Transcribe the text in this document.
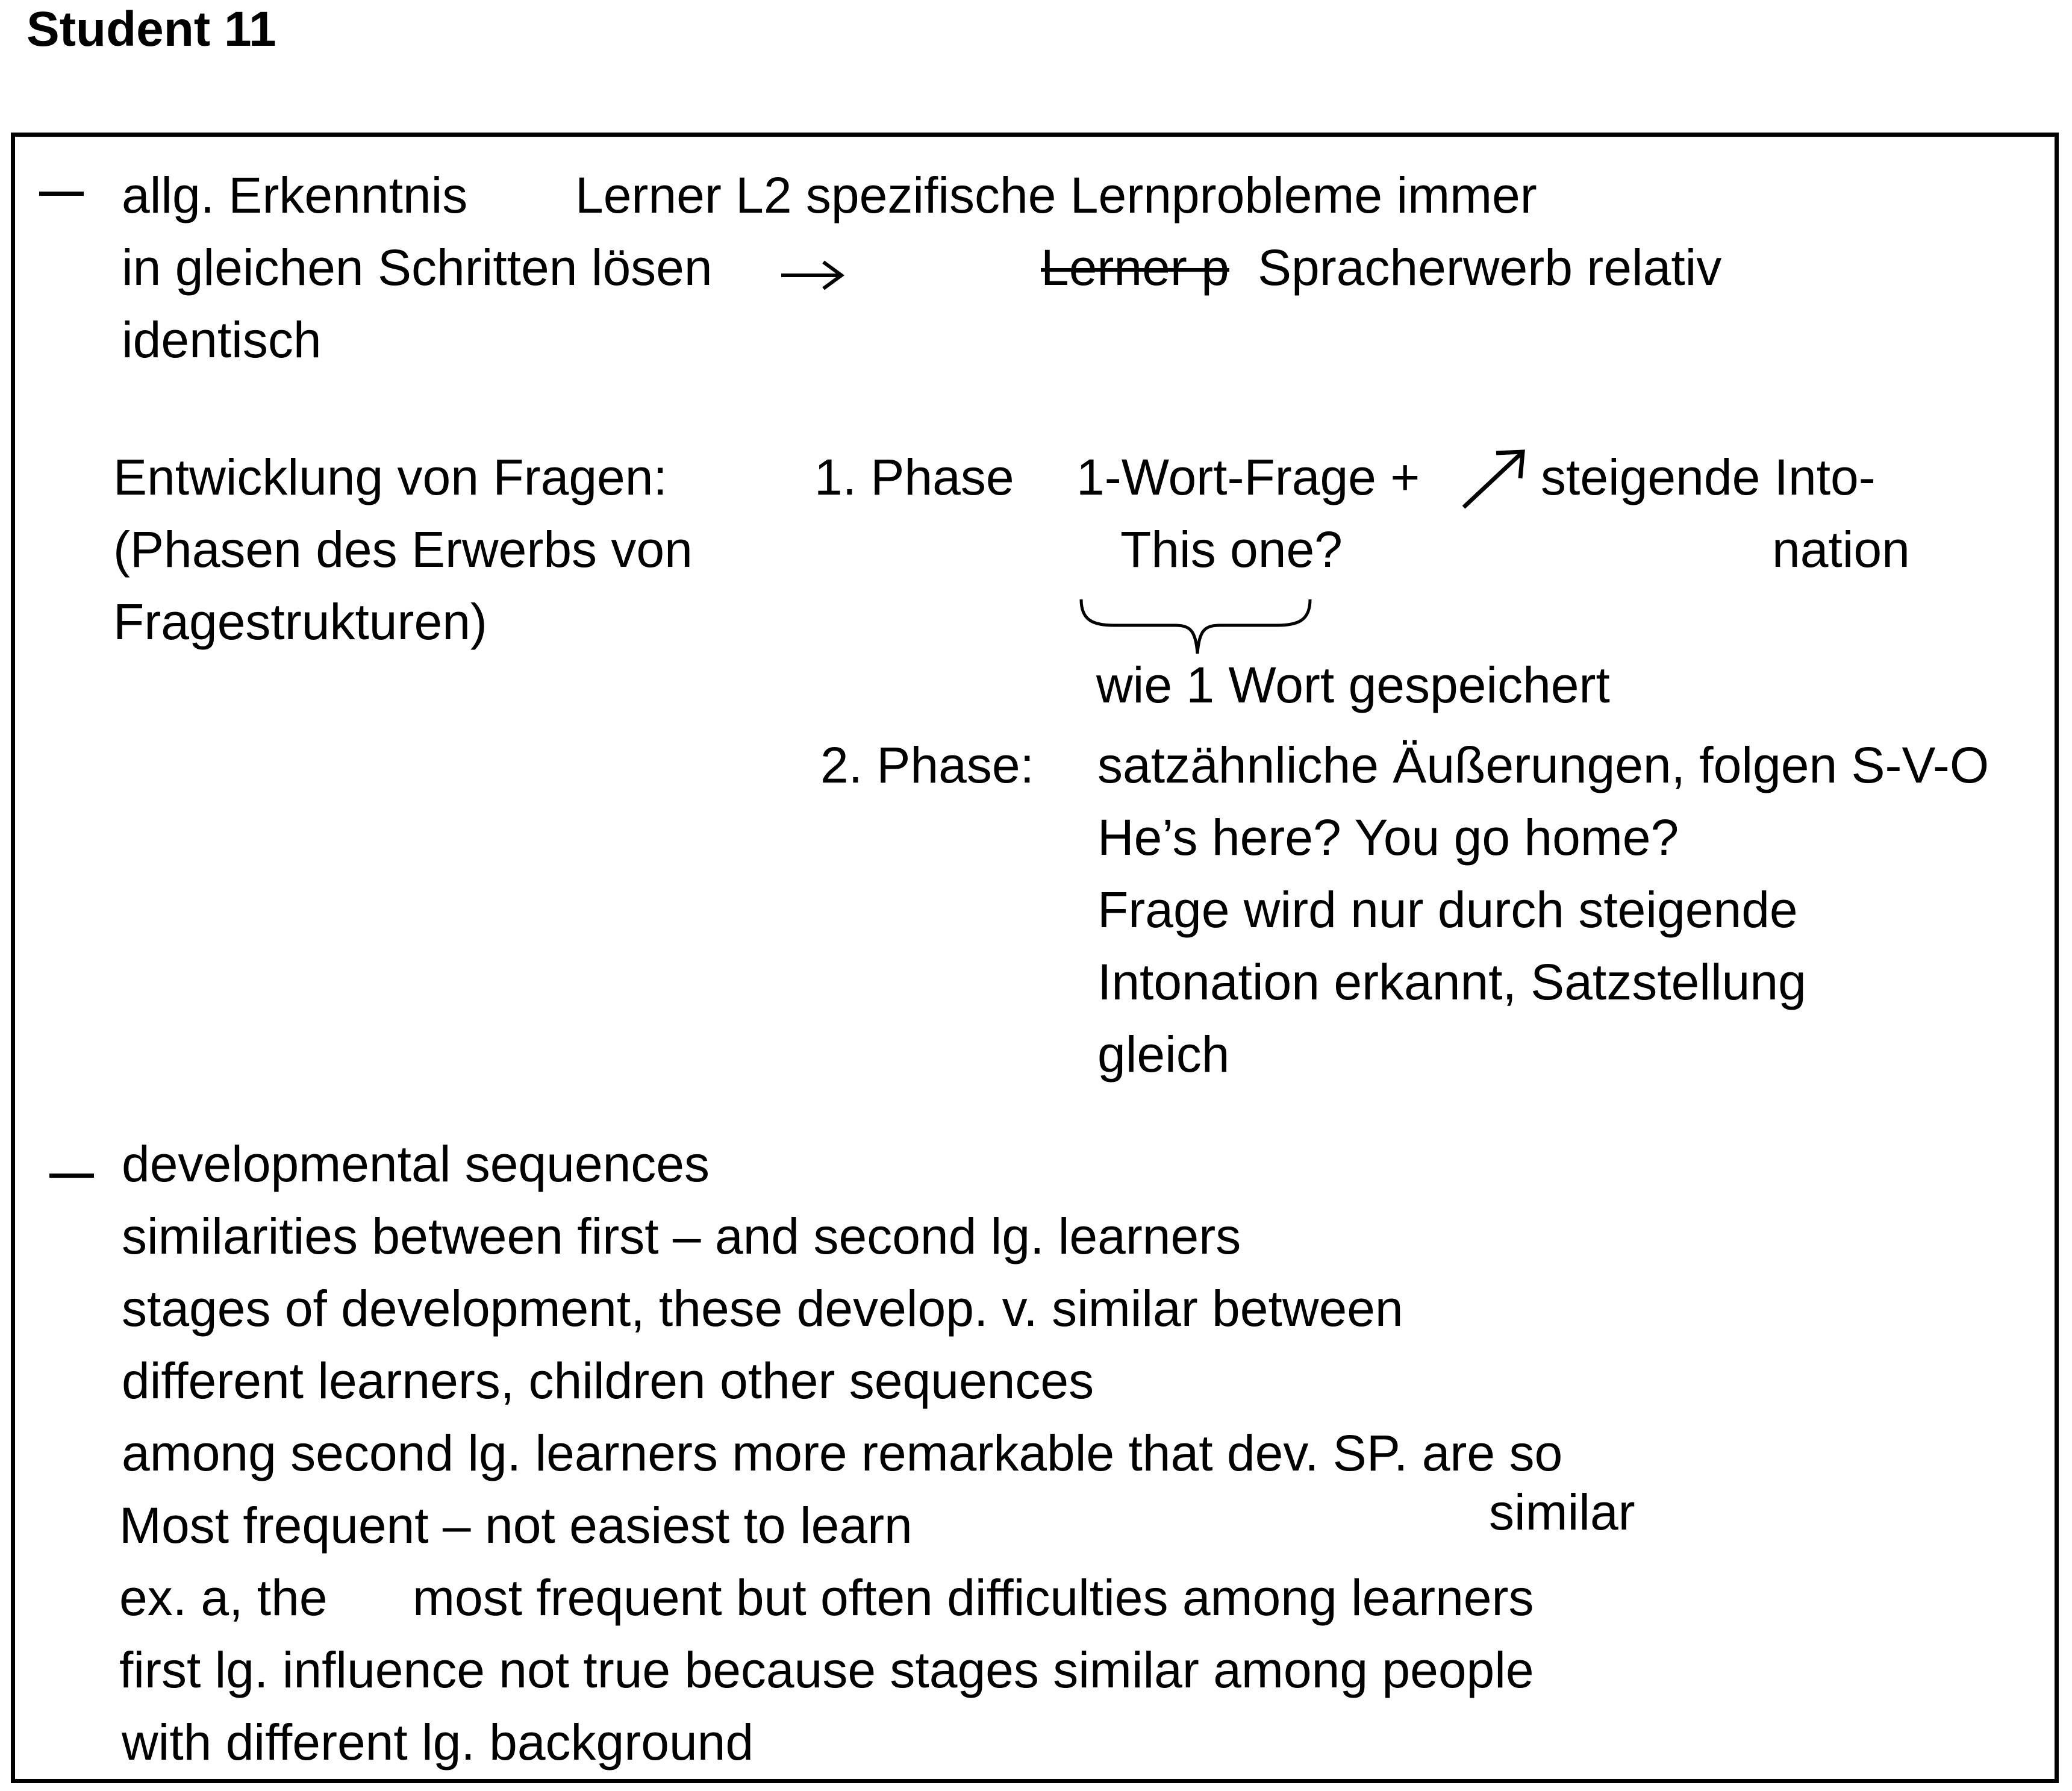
Student 11
allg. Erkenntnis Lerner L2 spezifische Lernprobleme immer
in gleichen Schritten lösen	Lerner p Spracherwerb relativ
identisch
Entwicklung von Fragen:
(Phasen des Erwerbs von
Fragestrukturen)
1. Phase 1-Wort-Frage + steigende Into-
This one?	nation
wie 1 Wort gespeichert
2. Phase: satzähnliche Äußerungen, folgen S-V-O
He’s here? You go home?
Frage wird nur durch steigende
Intonation erkannt, Satzstellung
gleich
developmental sequences
similarities between first – and second lg. learners
stages of development, these develop. v. similar between
different learners, children other sequences
among second lg. learners more remarkable that dev. SP. are so
Most frequent – not easiest to learn	similar
ex. a, the most frequent but often difficulties among learners
first lg. influence not true because stages similar among people
with different lg. background
